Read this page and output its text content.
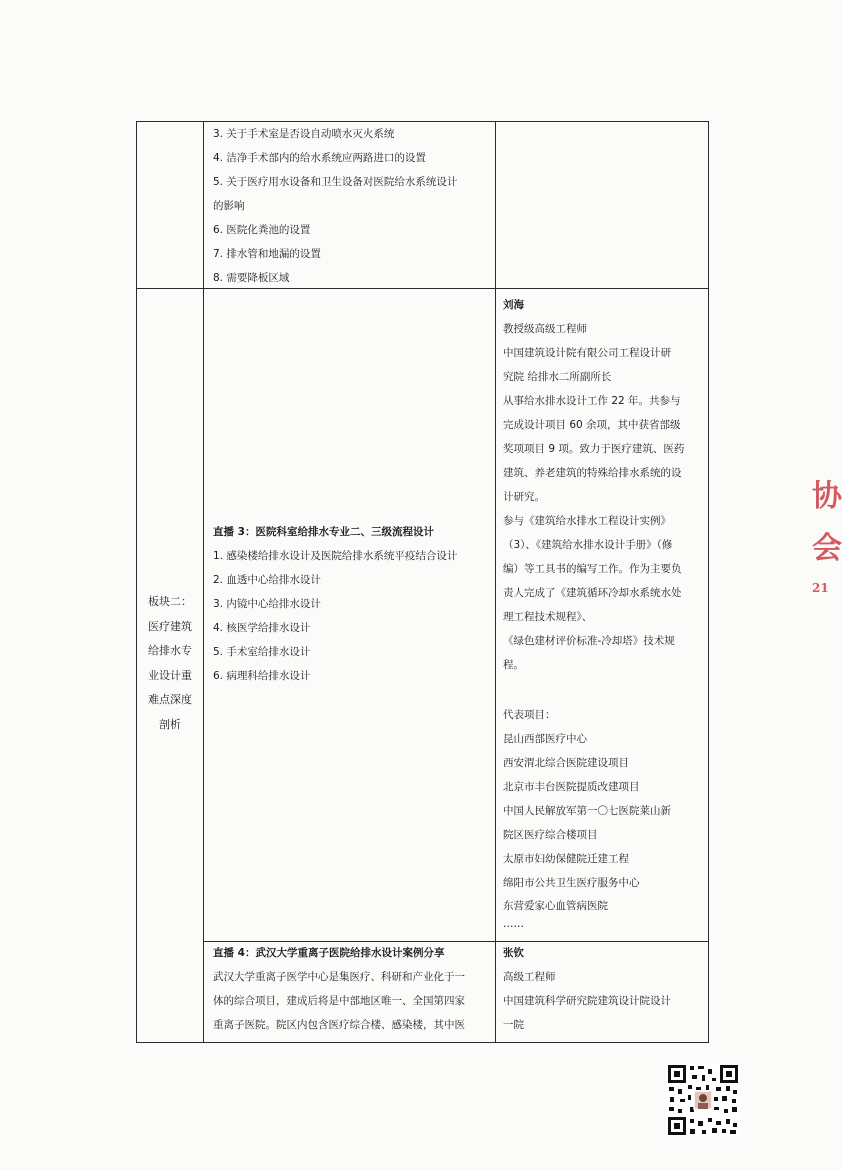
3. 关于手术室是否设自动喷水灭火系统
4. 洁净手术部内的给水系统应两路进口的设置
5. 关于医疗用水设备和卫生设备对医院给水系统设计
的影响
6. 医院化粪池的设置
7. 排水管和地漏的设置
8. 需要降板区域
板块二：
医疗建筑
给排水专
业设计重
难点深度
剖析
直播 3：医院科室给排水专业二、三级流程设计
1. 感染楼给排水设计及医院给排水系统平疫结合设计
2. 血透中心给排水设计
3. 内镜中心给排水设计
4. 核医学给排水设计
5. 手术室给排水设计
6. 病理科给排水设计
刘海
教授级高级工程师
中国建筑设计院有限公司工程设计研
究院 给排水二所副所长
从事给水排水设计工作 22 年。共参与
完成设计项目 60 余项，其中获省部级
奖项项目 9 项。致力于医疗建筑、医药
建筑、养老建筑的特殊给排水系统的设
计研究。
参与《建筑给水排水工程设计实例》
（3）、《建筑给水排水设计手册》（修
编）等工具书的编写工作。作为主要负
责人完成了《建筑循环冷却水系统水处
理工程技术规程》、
《绿色建材评价标准-冷却塔》技术规
程。
代表项目：
昆山西部医疗中心
西安渭北综合医院建设项目
北京市丰台医院提质改建项目
中国人民解放军第一〇七医院莱山新
院区医疗综合楼项目
太原市妇幼保健院迁建工程
绵阳市公共卫生医疗服务中心
东营爱家心血管病医院
……
直播 4：武汉大学重离子医院给排水设计案例分享
武汉大学重离子医学中心是集医疗、科研和产业化于一
体的综合项目，建成后将是中部地区唯一、全国第四家
重离子医院。院区内包含医疗综合楼、感染楼，其中医
张钦
高级工程师
中国建筑科学研究院建筑设计院设计
一院
协
会
21
